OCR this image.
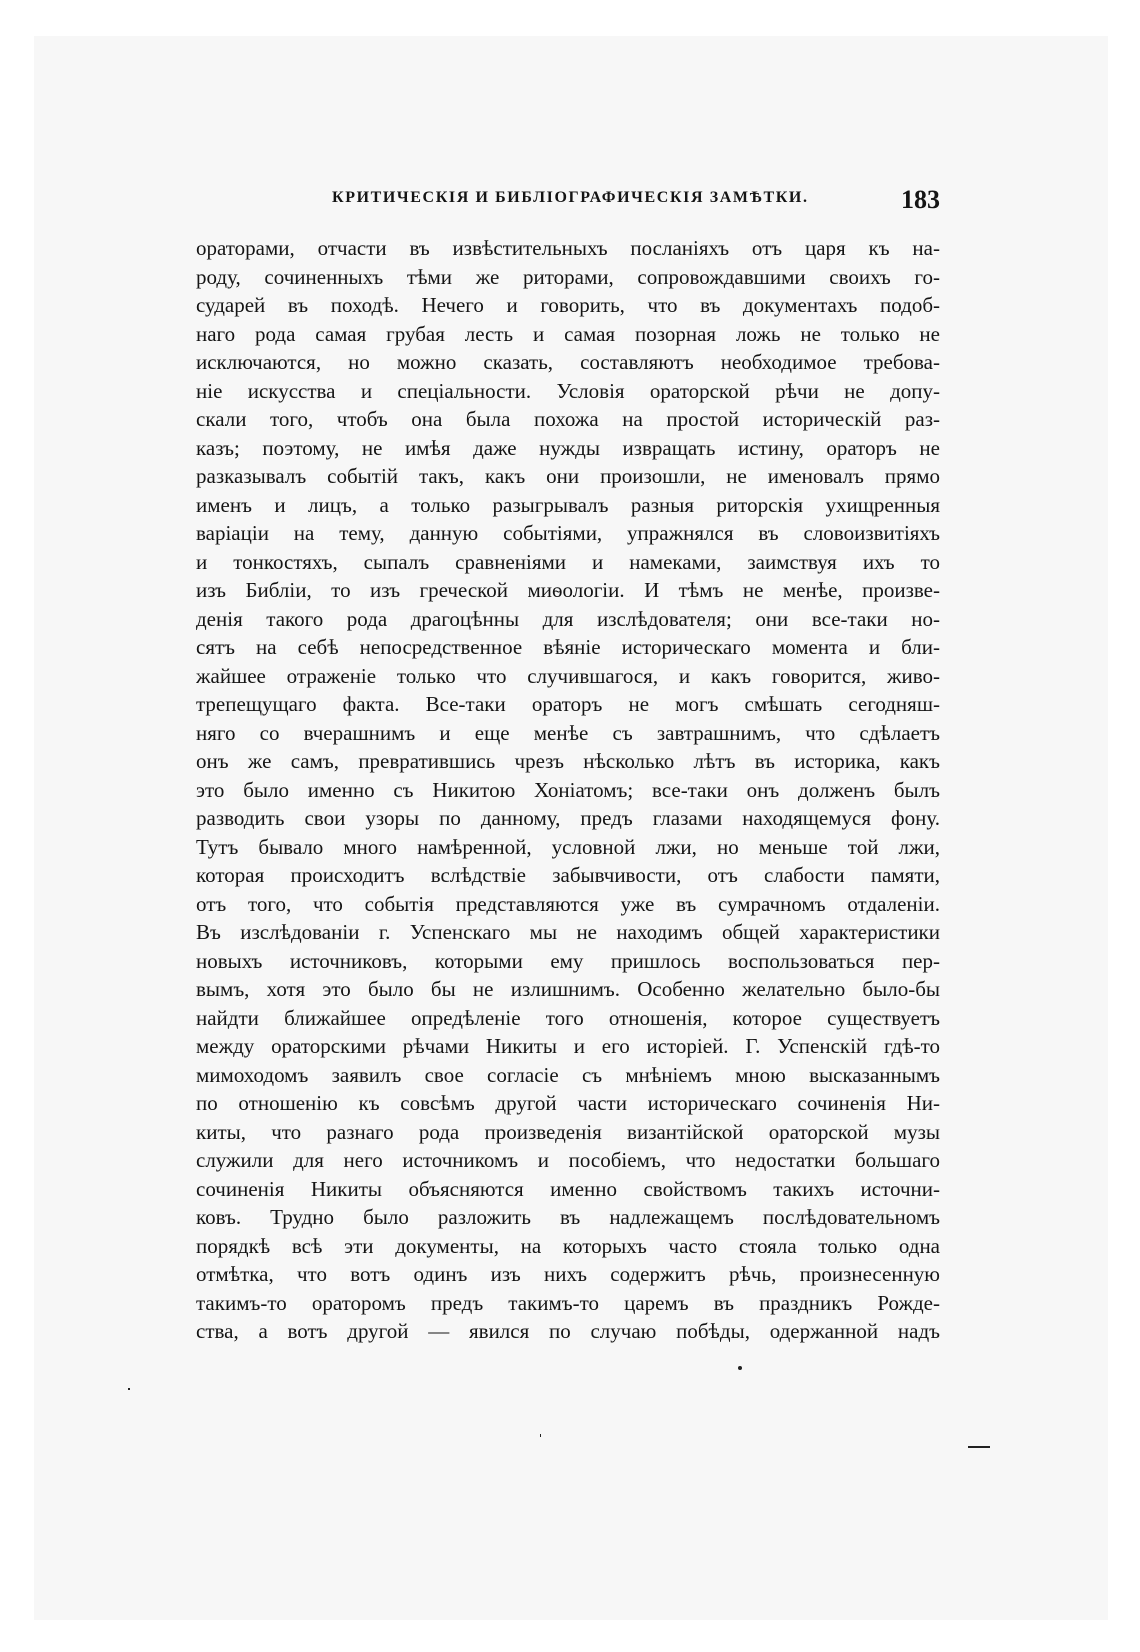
КРИТИЧЕСКІЯ И БИБЛІОГРАФИЧЕСКІЯ ЗАМѢТКИ.	183
ораторами, отчасти въ извѣстительныхъ посланіяхъ отъ царя къ на-
роду, сочиненныхъ тѣми же риторами, сопровождавшими своихъ го-
сударей въ походѣ. Нечего и говорить, что въ документахъ подоб-
наго рода самая грубая лесть и самая позорная ложь не только не
исключаются, но можно сказать, составляютъ необходимое требова-
ніе искусства и спеціальности. Условія ораторской рѣчи не допу-
скали того, чтобъ она была похожа на простой историческій раз-
казъ; поэтому, не имѣя даже нужды извращать истину, ораторъ не
разказывалъ событій такъ, какъ они произошли, не именовалъ прямо
именъ и лицъ, а только разыгрывалъ разныя риторскія ухищренныя
варіаціи на тему, данную событіями, упражнялся въ словоизвитіяхъ
и тонкостяхъ, сыпалъ сравненіями и намеками, заимствуя ихъ то
изъ Библіи, то изъ греческой миѳологіи. И тѣмъ не менѣе, произве-
денія такого рода драгоцѣнны для изслѣдователя; они все-таки но-
сятъ на себѣ непосредственное вѣяніе историческаго момента и бли-
жайшее отраженіе только что случившагося, и какъ говорится, живо-
трепещущаго факта. Все-таки ораторъ не могъ смѣшать сегодняш-
няго со вчерашнимъ и еще менѣе съ завтрашнимъ, что сдѣлаетъ
онъ же самъ, превратившись чрезъ нѣсколько лѣтъ въ историка, какъ
это было именно съ Никитою Хоніатомъ; все-таки онъ долженъ былъ
разводить свои узоры по данному, предъ глазами находящемуся фону.
Тутъ бывало много намѣренной, условной лжи, но меньше той лжи,
которая происходитъ вслѣдствіе забывчивости, отъ слабости памяти,
отъ того, что событія представляются уже въ сумрачномъ отдаленіи.
Въ изслѣдованіи г. Успенскаго мы не находимъ общей характеристики
новыхъ источниковъ, которыми ему пришлось воспользоваться пер-
вымъ, хотя это было бы не излишнимъ. Особенно желательно было-бы
найдти ближайшее опредѣленіе того отношенія, которое существуетъ
между ораторскими рѣчами Никиты и его исторіей. Г. Успенскій гдѣ-то
мимоходомъ заявилъ свое согласіе съ мнѣніемъ мною высказаннымъ
по отношенію къ совсѣмъ другой части историческаго сочиненія Ни-
киты, что разнаго рода произведенія византійской ораторской музы
служили для него источникомъ и пособіемъ, что недостатки большаго
сочиненія Никиты объясняются именно свойствомъ такихъ источни-
ковъ. Трудно было разложить въ надлежащемъ послѣдовательномъ
порядкѣ всѣ эти документы, на которыхъ часто стояла только одна
отмѣтка, что вотъ одинъ изъ нихъ содержитъ рѣчь, произнесенную
такимъ-то ораторомъ предъ такимъ-то царемъ въ праздникъ Рожде-
ства, а вотъ другой — явился по случаю побѣды, одержанной надъ
